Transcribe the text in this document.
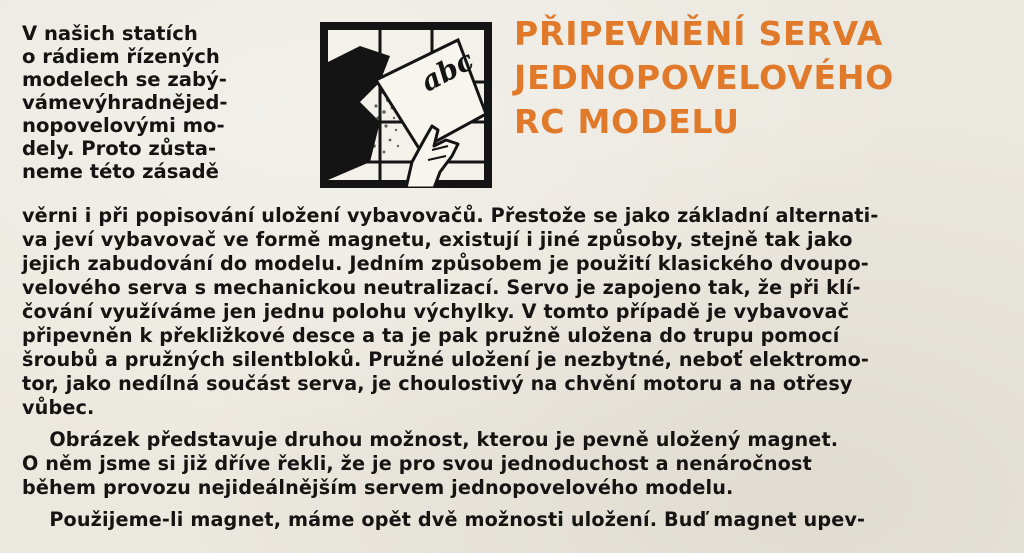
V našich statích
o rádiem řízených
modelech se zabý-
vámevýhradnějed-
nopovelovými mo-
dely. Proto zůsta-
neme této zásadě
abc
PŘIPEVNĚNÍ SERVA
JEDNOPOVELOVÉHO
RC MODELU
věrni i při popisování uložení vybavovačů. Přestože se jako základní alternati-
va jeví vybavovač ve formě magnetu, existují i jiné způsoby, stejně tak jako
jejich zabudování do modelu. Jedním způsobem je použití klasického dvoupo-
velového serva s mechanickou neutralizací. Servo je zapojeno tak, že při klí-
čování využíváme jen jednu polohu výchylky. V tomto případě je vybavovač
připevněn k překližkové desce a ta je pak pružně uložena do trupu pomocí
šroubů a pružných silentbloků. Pružné uložení je nezbytné, neboť elektromo-
tor, jako nedílná součást serva, je choulostivý na chvění motoru a na otřesy
vůbec.
Obrázek představuje druhou možnost, kterou je pevně uložený magnet.
O něm jsme si již dříve řekli, že je pro svou jednoduchost a nenáročnost
během provozu nejideálnějším servem jednopovelového modelu.
Použijeme-li magnet, máme opět dvě možnosti uložení. Buď magnet upev-
